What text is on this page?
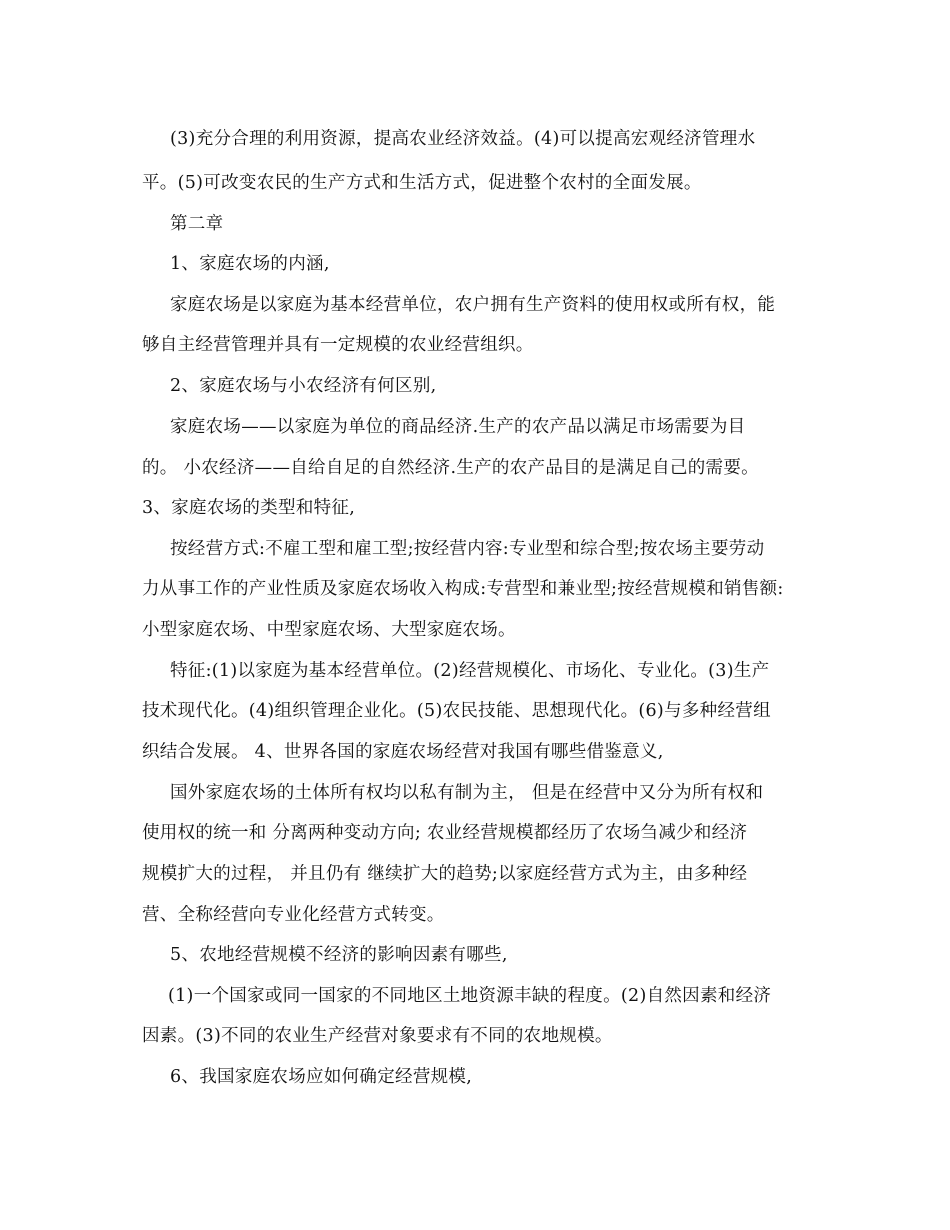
(3)充分合理的利用资源，提高农业经济效益。(4)可以提高宏观经济管理水
平。(5)可改变农民的生产方式和生活方式，促进整个农村的全面发展。
第二章
1、家庭农场的内涵,
家庭农场是以家庭为基本经营单位，农户拥有生产资料的使用权或所有权，能
够自主经营管理并具有一定规模的农业经营组织。
2、家庭农场与小农经济有何区别,
家庭农场——以家庭为单位的商品经济.生产的农产品以满足市场需要为目
的。 小农经济——自给自足的自然经济.生产的农产品目的是满足自己的需要。
3、家庭农场的类型和特征,
按经营方式:不雇工型和雇工型;按经营内容:专业型和综合型;按农场主要劳动
力从事工作的产业性质及家庭农场收入构成:专营型和兼业型;按经营规模和销售额:
小型家庭农场、中型家庭农场、大型家庭农场。
特征:(1)以家庭为基本经营单位。(2)经营规模化、市场化、专业化。(3)生产
技术现代化。(4)组织管理企业化。(5)农民技能、思想现代化。(6)与多种经营组
织结合发展。 4、世界各国的家庭农场经营对我国有哪些借鉴意义,
国外家庭农场的土体所有权均以私有制为主， 但是在经营中又分为所有权和
使用权的统一和 分离两种变动方向; 农业经营规模都经历了农场刍减少和经济
规模扩大的过程， 并且仍有 继续扩大的趋势;以家庭经营方式为主，由多种经
营、全称经营向专业化经营方式转变。
5、农地经营规模不经济的影响因素有哪些,
(1)一个国家或同一国家的不同地区土地资源丰缺的程度。(2)自然因素和经济
因素。(3)不同的农业生产经营对象要求有不同的农地规模。
6、我国家庭农场应如何确定经营规模,
